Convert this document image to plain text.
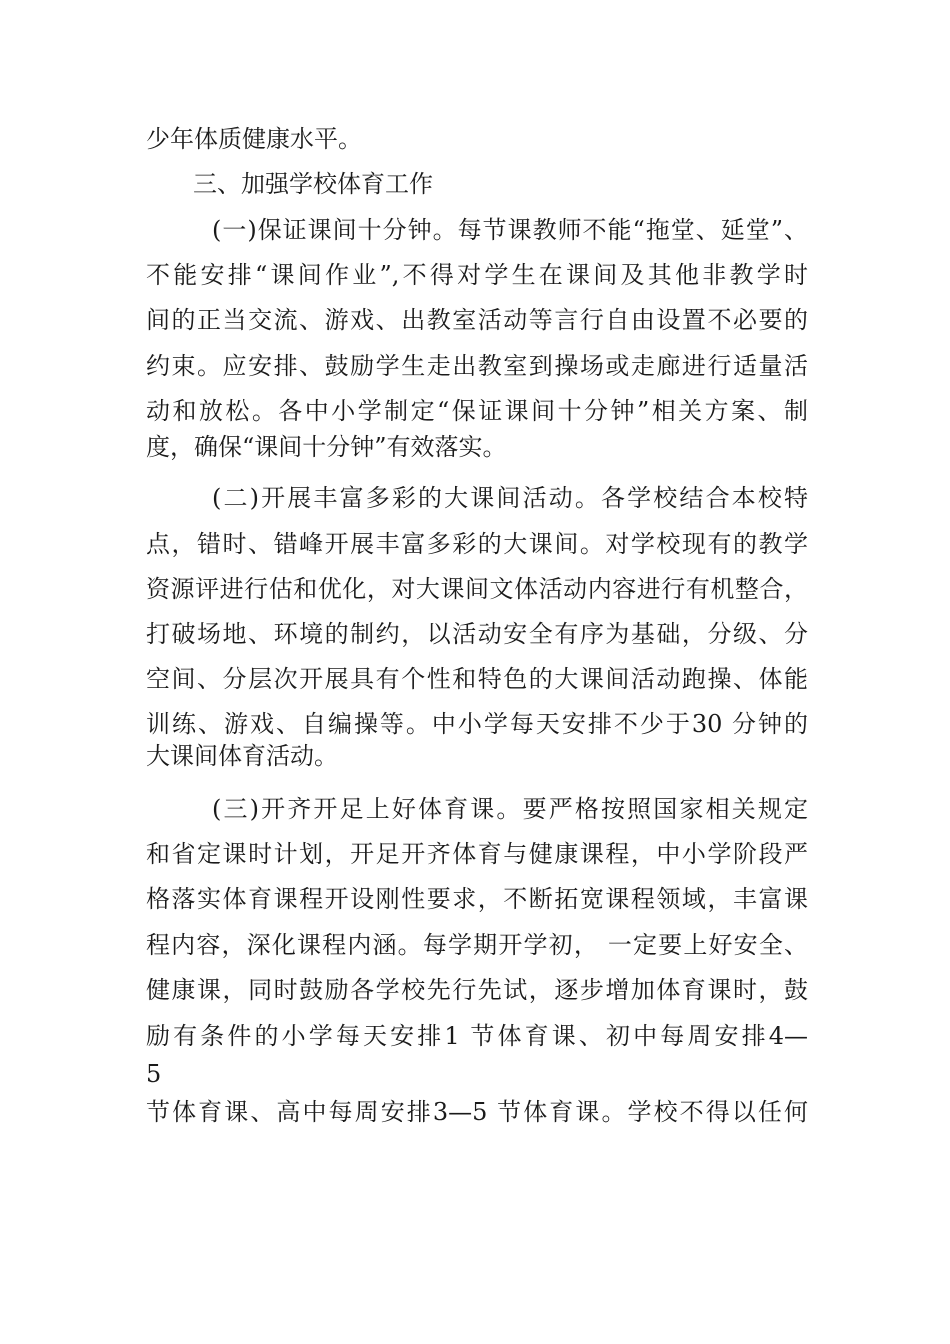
少年体质健康水平。
三、加强学校体育工作
(一)保证课间十分钟。每节课教师不能“拖堂、延堂”、
不能安排“课间作业”,不得对学生在课间及其他非教学时
间的正当交流、游戏、出教室活动等言行自由设置不必要的
约束。应安排、鼓励学生走出教室到操场或走廊进行适量活
动和放松。各中小学制定“保证课间十分钟”相关方案、制
度，确保“课间十分钟”有效落实。
(二)开展丰富多彩的大课间活动。各学校结合本校特
点，错时、错峰开展丰富多彩的大课间。对学校现有的教学
资源评进行估和优化，对大课间文体活动内容进行有机整合，
打破场地、环境的制约，以活动安全有序为基础，分级、分
空间、分层次开展具有个性和特色的大课间活动跑操、体能
训练、游戏、自编操等。中小学每天安排不少于30 分钟的
大课间体育活动。
(三)开齐开足上好体育课。要严格按照国家相关规定
和省定课时计划，开足开齐体育与健康课程，中小学阶段严
格落实体育课程开设刚性要求，不断拓宽课程领域，丰富课
程内容，深化课程内涵。每学期开学初， 一定要上好安全、
健康课，同时鼓励各学校先行先试，逐步增加体育课时，鼓
励有条件的小学每天安排1 节体育课、初中每周安排4—
5
节体育课、高中每周安排3—5 节体育课。学校不得以任何
